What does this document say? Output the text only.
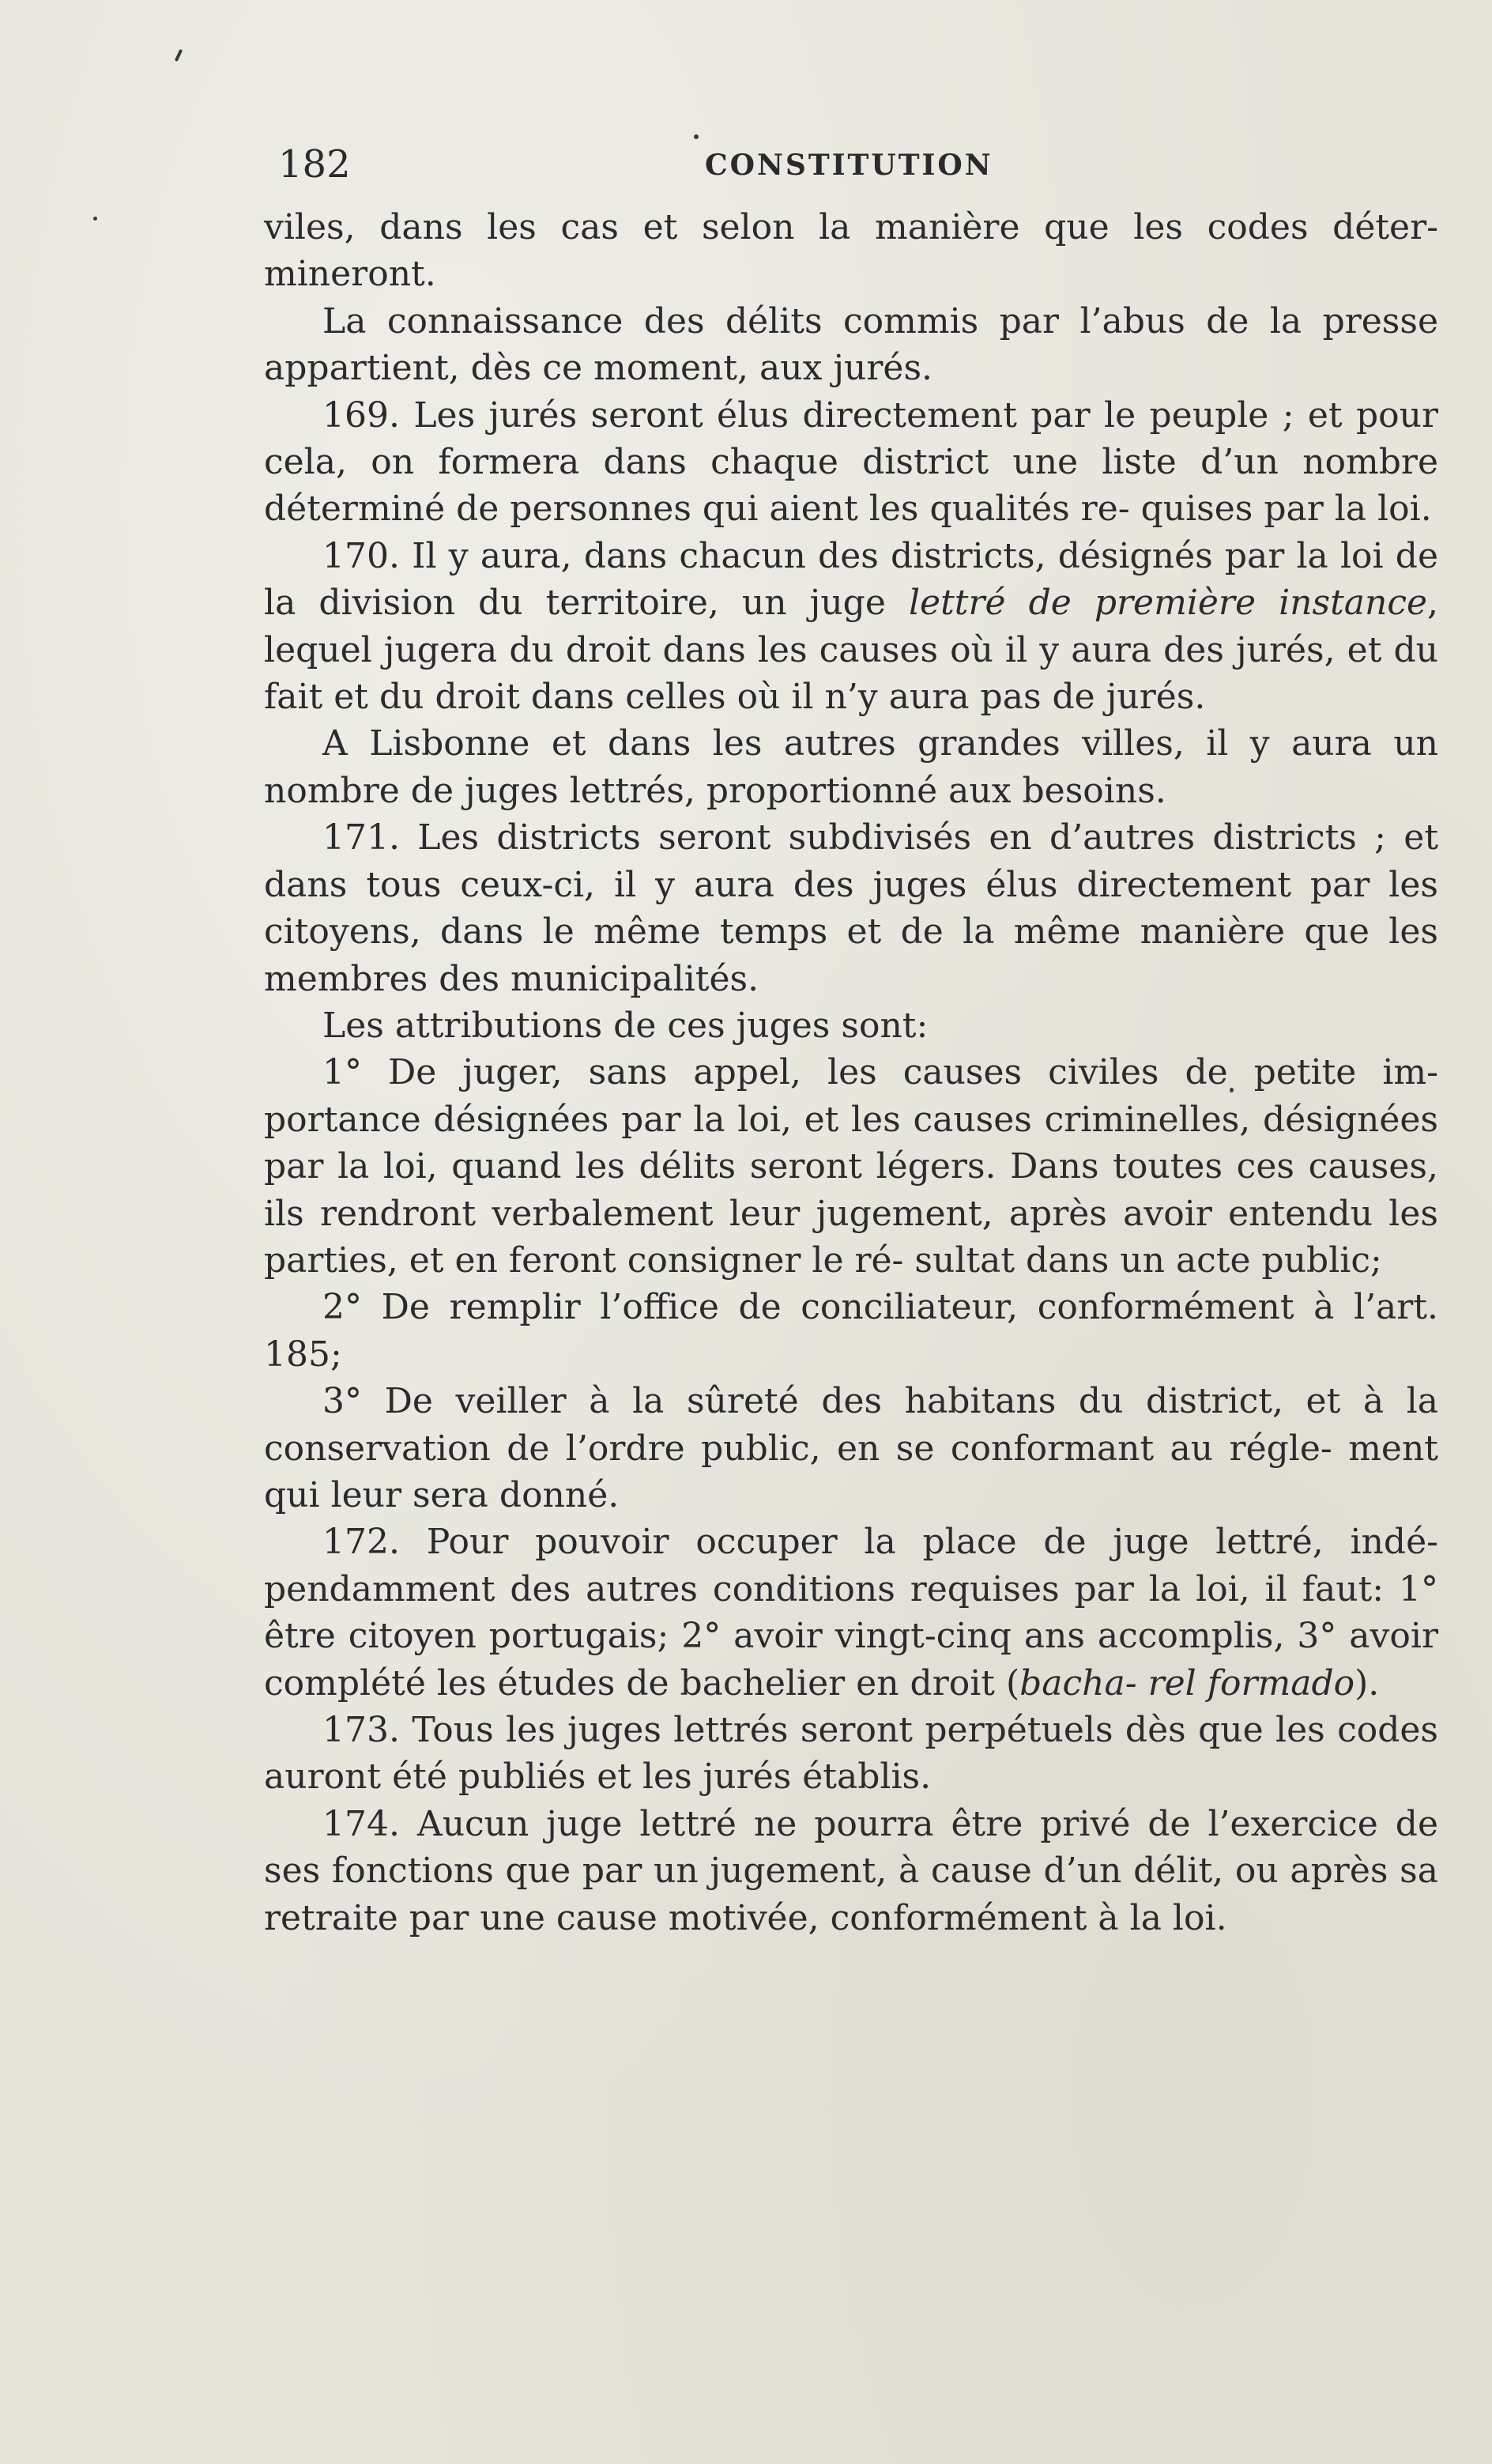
182	CONSTITUTION

viles, dans les cas et selon la manière que les codes déter- mineront.

La connaissance des délits commis par l’abus de la presse appartient, dès ce moment, aux jurés.

169. Les jurés seront élus directement par le peuple ; et pour cela, on formera dans chaque district une liste d’un nombre déterminé de personnes qui aient les qualités re- quises par la loi.

170. Il y aura, dans chacun des districts, désignés par la loi de la division du territoire, un juge lettré de première instance, lequel jugera du droit dans les causes où il y aura des jurés, et du fait et du droit dans celles où il n’y aura pas de jurés.

A Lisbonne et dans les autres grandes villes, il y aura un nombre de juges lettrés, proportionné aux besoins.

171. Les districts seront subdivisés en d’autres districts ; et dans tous ceux-ci, il y aura des juges élus directement par les citoyens, dans le même temps et de la même manière que les membres des municipalités.

Les attributions de ces juges sont:

1° De juger, sans appel, les causes civiles de petite im- portance désignées par la loi, et les causes criminelles, désignées par la loi, quand les délits seront légers. Dans toutes ces causes, ils rendront verbalement leur jugement, après avoir entendu les parties, et en feront consigner le ré- sultat dans un acte public;

2° De remplir l’office de conciliateur, conformément à l’art. 185;

3° De veiller à la sûreté des habitans du district, et à la conservation de l’ordre public, en se conformant au régle- ment qui leur sera donné.

172. Pour pouvoir occuper la place de juge lettré, indé- pendamment des autres conditions requises par la loi, il faut: 1° être citoyen portugais; 2° avoir vingt-cinq ans accomplis, 3° avoir complété les études de bachelier en droit (bacha- rel formado).

173. Tous les juges lettrés seront perpétuels dès que les codes auront été publiés et les jurés établis.

174. Aucun juge lettré ne pourra être privé de l’exercice de ses fonctions que par un jugement, à cause d’un délit, ou après sa retraite par une cause motivée, conformément à la loi.
